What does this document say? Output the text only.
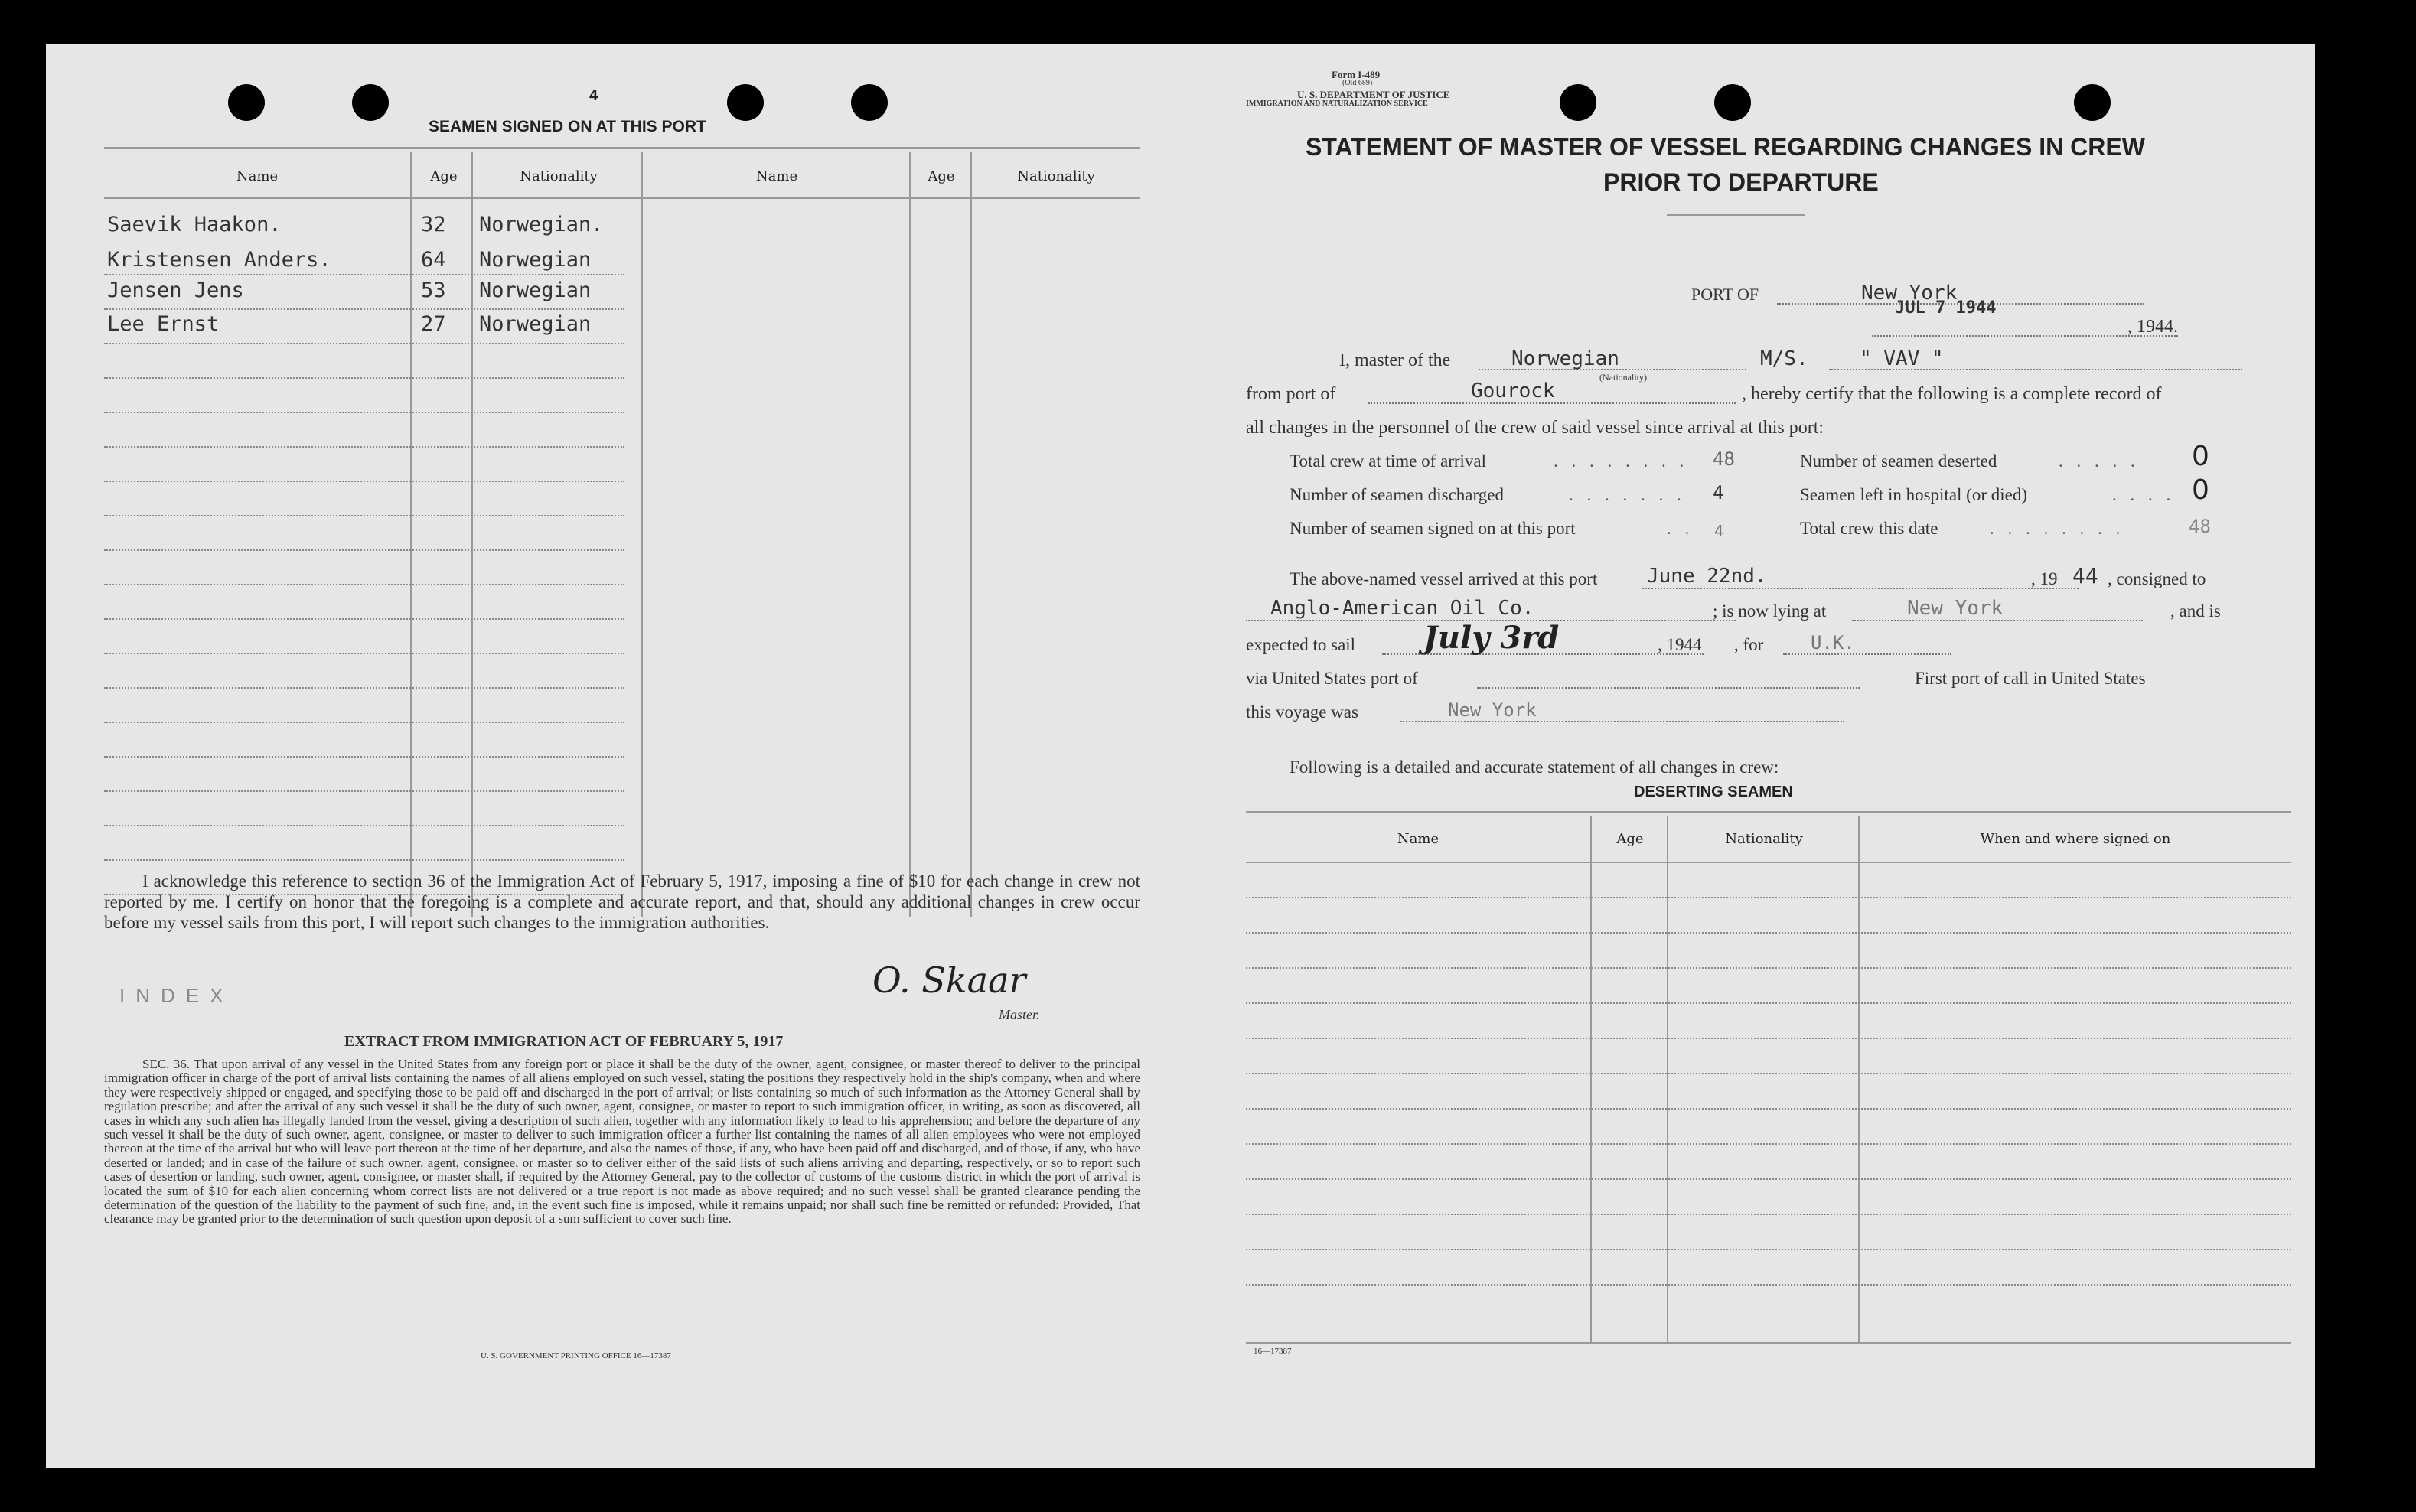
4
SEAMEN SIGNED ON AT THIS PORT
Name	Age	Nationality	Name	Age	Nationality
Saevik Haakon.	32 Norwegian.
Kristensen Anders.	64 Norwegian
Jensen Jens	53 Norwegian
Lee Ernst	27 Norwegian
I acknowledge this reference to section 36 of the Immigration Act of February 5, 1917, imposing a fine of $10 for each change in crew not reported by me. I certify on honor that the foregoing is a complete and accurate report, and that, should any additional changes in crew occur before my vessel sails from this port, I will report such changes to the immigration authorities.
INDEX	O. Skaar
Master.
EXTRACT FROM IMMIGRATION ACT OF FEBRUARY 5, 1917
SEC. 36. That upon arrival of any vessel in the United States from any foreign port or place it shall be the duty of the owner, agent, consignee, or master thereof to deliver to the principal immigration officer in charge of the port of arrival lists containing the names of all aliens employed on such vessel, stating the positions they respectively hold in the ship's company, when and where they were respectively shipped or engaged, and specifying those to be paid off and discharged in the port of arrival; or lists containing so much of such information as the Attorney General shall by regulation prescribe; and after the arrival of any such vessel it shall be the duty of such owner, agent, consignee, or master to report to such immigration officer, in writing, as soon as discovered, all cases in which any such alien has illegally landed from the vessel, giving a description of such alien, together with any information likely to lead to his apprehension; and before the departure of any such vessel it shall be the duty of such owner, agent, consignee, or master to deliver to such immigration officer a further list containing the names of all alien employees who were not employed thereon at the time of the arrival but who will leave port thereon at the time of her departure, and also the names of those, if any, who have been paid off and discharged, and of those, if any, who have deserted or landed; and in case of the failure of such owner, agent, consignee, or master so to deliver either of the said lists of such aliens arriving and departing, respectively, or so to report such cases of desertion or landing, such owner, agent, consignee, or master shall, if required by the Attorney General, pay to the collector of customs of the customs district in which the port of arrival is located the sum of $10 for each alien concerning whom correct lists are not delivered or a true report is not made as above required; and no such vessel shall be granted clearance pending the determination of the question of the liability to the payment of such fine, and, in the event such fine is imposed, while it remains unpaid; nor shall such fine be remitted or refunded: Provided, That clearance may be granted prior to the determination of such question upon deposit of a sum sufficient to cover such fine.
U. S. GOVERNMENT PRINTING OFFICE 16—17387
Form I-489
(Old 689)
U. S. DEPARTMENT OF JUSTICE
IMMIGRATION AND NATURALIZATION SERVICE
STATEMENT OF MASTER OF VESSEL REGARDING CHANGES IN CREW
PRIOR TO DEPARTURE
PORT OF	New York
JUL 7 1944
, 1944.
I, master of the	Norwegian
(Nationality)
M/S.	" VAV "
from port of	Gourock	, hereby certify that the following is a complete record of
all changes in the personnel of the crew of said vessel since arrival at this port:
Total crew at time of arrival	. . . . . . . . 48	Number of seamen deserted	. . . . . 0
Number of seamen discharged	. . . . . . . 4	Seamen left in hospital (or died)	. . . . 0
Number of seamen signed on at this port	. . 4	Total crew this date	. . . . . . . .	48
The above-named vessel arrived at this port June 22nd.	, 19 44 , consigned to
Anglo-American Oil Co.	; is now lying at	New York	, and is
expected to sail July 3rd	, 1944 , for	U.K.
via United States port of	First port of call in United States
this voyage was	New York
Following is a detailed and accurate statement of all changes in crew:
DESERTING SEAMEN
Name	Age	Nationality	When and where signed on
16—17387
